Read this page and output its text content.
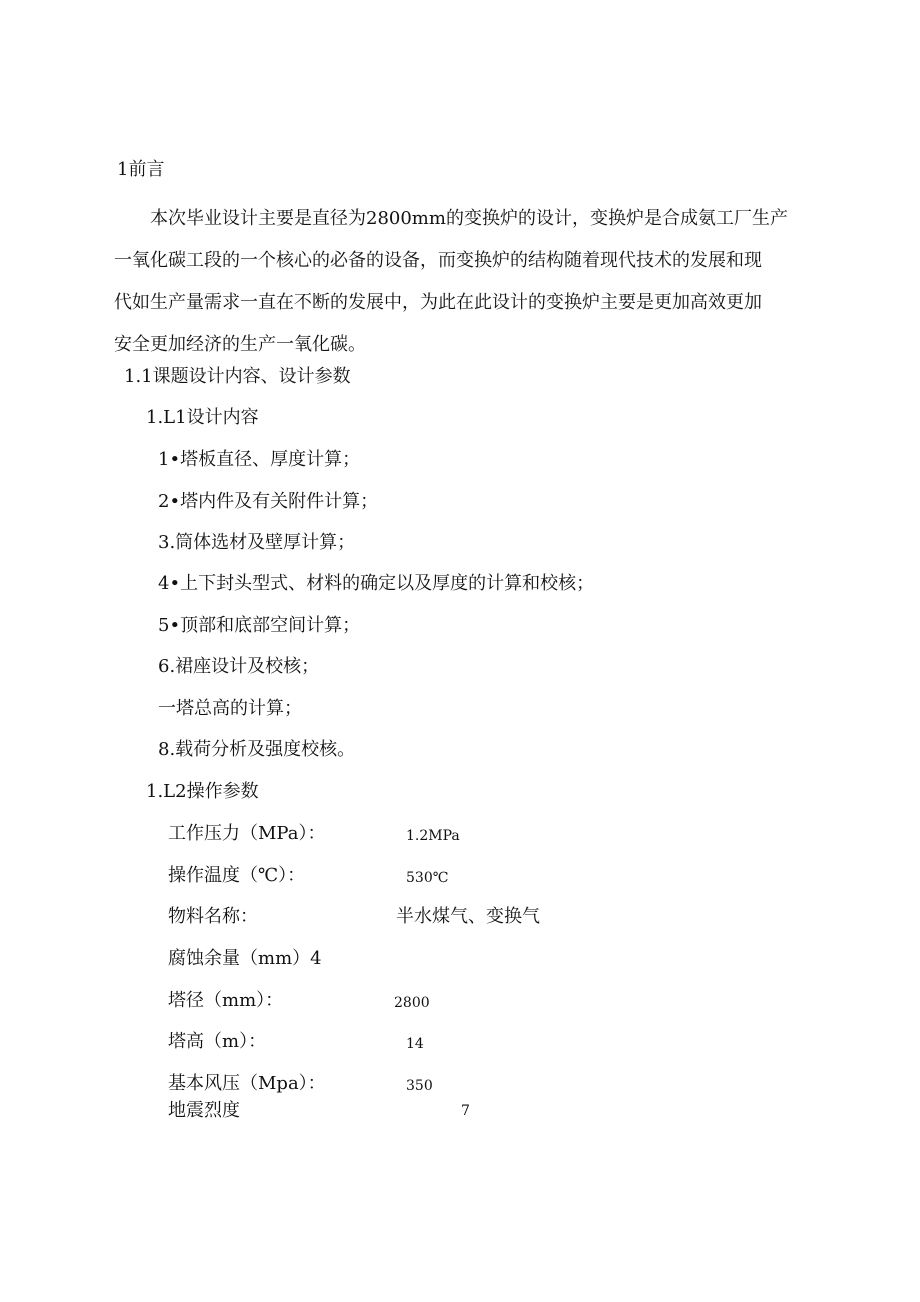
1前言
本次毕业设计主要是直径为2800mm的变换炉的设计，变换炉是合成氨工厂生产
一氧化碳工段的一个核心的必备的设备，而变换炉的结构随着现代技术的发展和现
代如生产量需求一直在不断的发展中，为此在此设计的变换炉主要是更加高效更加
安全更加经济的生产一氧化碳。
1.1课题设计内容、设计参数
1.L1设计内容
1•塔板直径、厚度计算；
2•塔内件及有关附件计算；
3.筒体选材及壁厚计算；
4•上下封头型式、材料的确定以及厚度的计算和校核；
5•顶部和底部空间计算；
6.裙座设计及校核；
一塔总高的计算；
8.载荷分析及强度校核。
1.L2操作参数
工作压力（MPa）：	1.2MPa
操作温度（℃）：	530℃
物料名称：	半水煤气、变换气
腐蚀余量（mm）4
塔径（mm）：	2800
塔高（m）：	14
基本风压（Mpa）：	350
地震烈度	7
